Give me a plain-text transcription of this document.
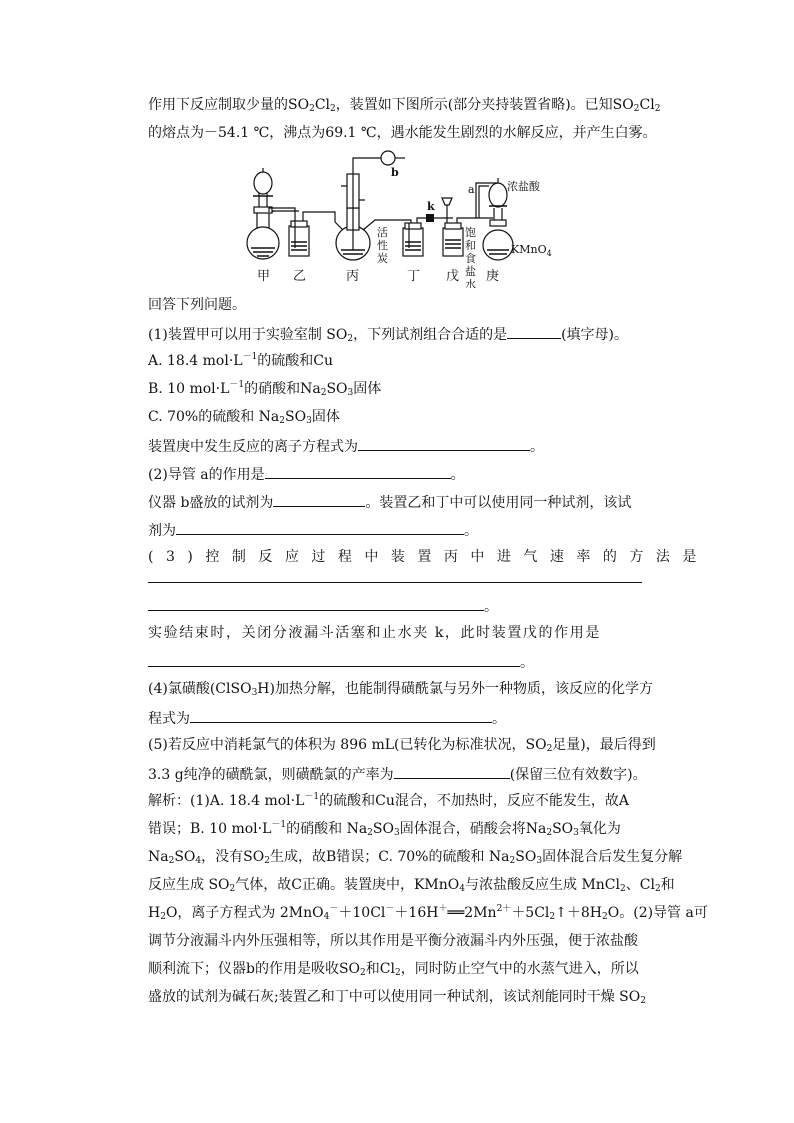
作用下反应制取少量的$SO_2Cl_2$，装置如下图所示(部分夹持装置省略)。已知$SO_2Cl_2$
的熔点为－54.1 ℃，沸点为69.1 ℃，遇水能发生剧烈的水解反应，并产生白雾。
甲 乙	丙	丁 戊 庚
活
性
炭
饱
和
食
盐
水
b
k
a	浓盐酸
KMnO$_4$
回答下列问题。
(1)装置甲可以用于实验室制 $SO_2$，下列试剂组合合适的是	(填字母)。
A. 18.4 $mol\cdot L^{-1}$的硫酸和Cu
B. 10 $mol\cdot L^{-1}$的硝酸和$Na_2SO_3$固体
C. 70%的硫酸和 $Na_2SO_3$固体
装置庚中发生反应的离子方程式为	。
(2)导管 a的作用是	。
仪器 b盛放的试剂为	。装置乙和丁中可以使用同一种试剂，该试
剂为	。
(3)控制反应过程中装置丙中进气速率的方法是
。
实验结束时，关闭分液漏斗活塞和止水夹 k，此时装置戊的作用是
。
(4)氯磺酸(ClSO$_3$H)加热分解，也能制得磺酰氯与另外一种物质，该反应的化学方
程式为	。
(5)若反应中消耗氯气的体积为 896 mL(已转化为标准状况，$SO_2$足量)，最后得到
3.3 g纯净的磺酰氯，则磺酰氯的产率为	(保留三位有效数字)。
解析：(1)A. 18.4 $mol\cdot L^{-1}$的硫酸和Cu混合，不加热时，反应不能发生，故A
错误；B. 10 $mol\cdot L^{-1}$的硝酸和 $Na_2SO_3$固体混合，硝酸会将$Na_2SO_3$氧化为
$Na_2SO_4$，没有$SO_2$生成，故B错误；C. 70%的硫酸和 $Na_2SO_3$固体混合后发生复分解
反应生成 $SO_2$气体，故C正确。装置庚中，KMnO$_4$与浓盐酸反应生成 MnCl$_2$、$Cl_2$和
$H_2O$，离子方程式为 $2MnO_4^-+10Cl^-+16H^+══2Mn^{2+}+5Cl_2↑+8H_2O$。(2)导管 a可
调节分液漏斗内外压强相等，所以其作用是平衡分液漏斗内外压强，便于浓盐酸
顺利流下；仪器b的作用是吸收$SO_2$和$Cl_2$，同时防止空气中的水蒸气进入，所以
盛放的试剂为碱石灰;装置乙和丁中可以使用同一种试剂，该试剂能同时干燥 $SO_2$
